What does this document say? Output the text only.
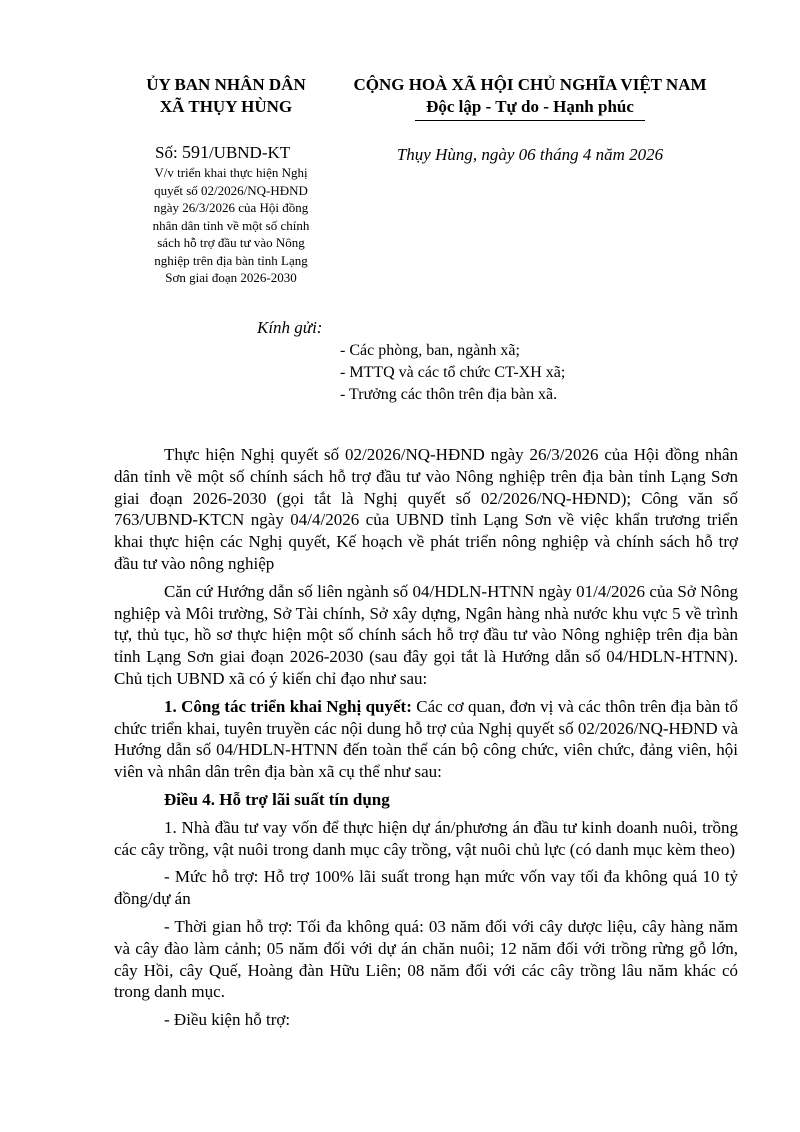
ỦY BAN NHÂN DÂN
XÃ THỤY HÙNG
CỘNG HOÀ XÃ HỘI CHỦ NGHĨA VIỆT NAM
Độc lập - Tự do - Hạnh phúc
Thụy Hùng, ngày 06 tháng 4 năm 2026
Số: 591/UBND-KT
V/v triển khai thực hiện Nghị quyết số 02/2026/NQ-HĐND ngày 26/3/2026 của Hội đồng nhân dân tỉnh về một số chính sách hỗ trợ đầu tư vào Nông nghiệp trên địa bàn tỉnh Lạng Sơn giai đoạn 2026-2030
Kính gửi:
- Các phòng, ban, ngành xã;
- MTTQ và các tổ chức CT-XH xã;
- Trưởng các thôn trên địa bàn xã.

Thực hiện Nghị quyết số 02/2026/NQ-HĐND ngày 26/3/2026 của Hội đồng nhân dân tỉnh về một số chính sách hỗ trợ đầu tư vào Nông nghiệp trên địa bàn tỉnh Lạng Sơn giai đoạn 2026-2030 (gọi tắt là Nghị quyết số 02/2026/NQ-HĐND); Công văn số 763/UBND-KTCN ngày 04/4/2026 của UBND tỉnh Lạng Sơn về việc khẩn trương triển khai thực hiện các Nghị quyết, Kế hoạch về phát triển nông nghiệp và chính sách hỗ trợ đầu tư vào nông nghiệp

Căn cứ Hướng dẫn số liên ngành số 04/HDLN-HTNN ngày 01/4/2026 của Sở Nông nghiệp và Môi trường, Sở Tài chính, Sở xây dựng, Ngân hàng nhà nước khu vực 5 về trình tự, thủ tục, hồ sơ thực hiện một số chính sách hỗ trợ đầu tư vào Nông nghiệp trên địa bàn tỉnh Lạng Sơn giai đoạn 2026-2030 (sau đây gọi tắt là Hướng dẫn số 04/HDLN-HTNN). Chủ tịch UBND xã có ý kiến chỉ đạo như sau:

1. Công tác triển khai Nghị quyết: Các cơ quan, đơn vị và các thôn trên địa bàn tổ chức triển khai, tuyên truyền các nội dung hỗ trợ của Nghị quyết số 02/2026/NQ-HĐND và Hướng dẫn số 04/HDLN-HTNN đến toàn thể cán bộ công chức, viên chức, đảng viên, hội viên và nhân dân trên địa bàn xã cụ thể như sau:

Điều 4. Hỗ trợ lãi suất tín dụng

1. Nhà đầu tư vay vốn để thực hiện dự án/phương án đầu tư kinh doanh nuôi, trồng các cây trồng, vật nuôi trong danh mục cây trồng, vật nuôi chủ lực (có danh mục kèm theo)

- Mức hỗ trợ: Hỗ trợ 100% lãi suất trong hạn mức vốn vay tối đa không quá 10 tỷ đồng/dự án

- Thời gian hỗ trợ: Tối đa không quá: 03 năm đối với cây dược liệu, cây hàng năm và cây đào làm cảnh; 05 năm đối với dự án chăn nuôi; 12 năm đối với trồng rừng gỗ lớn, cây Hồi, cây Quế, Hoàng đàn Hữu Liên; 08 năm đối với các cây trồng lâu năm khác có trong danh mục.

- Điều kiện hỗ trợ:
